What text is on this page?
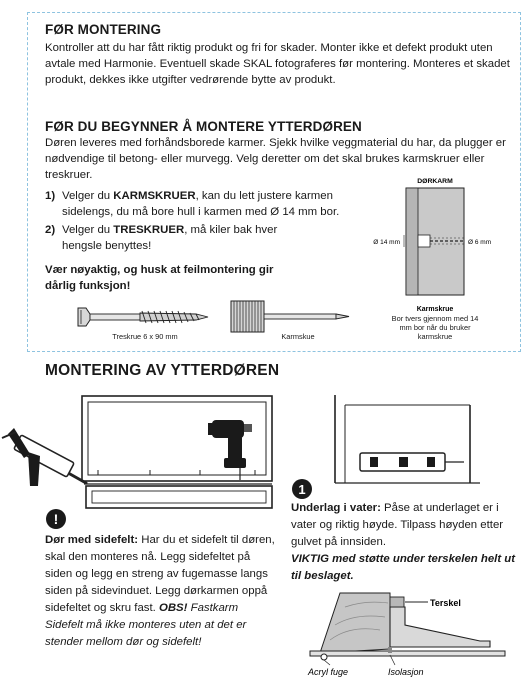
FØR MONTERING
Kontroller att du har fått riktig produkt og fri for skader. Monter ikke et defekt produkt uten avtale med Harmonie. Eventuell skade SKAL fotograferes før montering. Monteres et skadet produkt, dekkes ikke utgifter vedrørende bytte av produkt.
FØR DU BEGYNNER Å MONTERE YTTERDØREN
Døren leveres med forhåndsborede karmer. Sjekk hvilke veggmaterial du har, da plugger er nødvendige til betong- eller murvegg. Velg deretter om det skal brukes karmskruer eller treskruer.
1) Velger du KARMSKRUER, kan du lett justere karmen sidelengs, du må bore hull i karmen med Ø 14 mm bor.
2) Velger du TRESKRUER, må kiler bak hver hengsle benyttes!
Vær nøyaktig, og husk at feilmontering gir dårlig funksjon!
DØRKARM
Ø 14 mm	Ø 6 mm
Karmskrue
Bor tvers gjennom med 14 mm bor når du bruker karmskrue
Treskrue 6 x 90 mm	Karmskue
MONTERING AV YTTERDØREN
!
Dør med sidefelt: Har du et sidefelt til døren, skal den monteres nå. Legg sidefeltet på siden og legg en streng av fugemasse langs siden på sidevinduet. Legg dørkarmen oppå sidefeltet og skru fast. OBS! Fastkarm Sidefelt må ikke monteres uten at det er stender mellom dør og sidefelt!
1
Underlag i vater: Påse at underlaget er i vater og riktig høyde. Tilpass høyden etter gulvet på innsiden.
VIKTIG med støtte under terskelen helt ut til beslaget.
Terskel
Acryl fuge	Isolasjon
